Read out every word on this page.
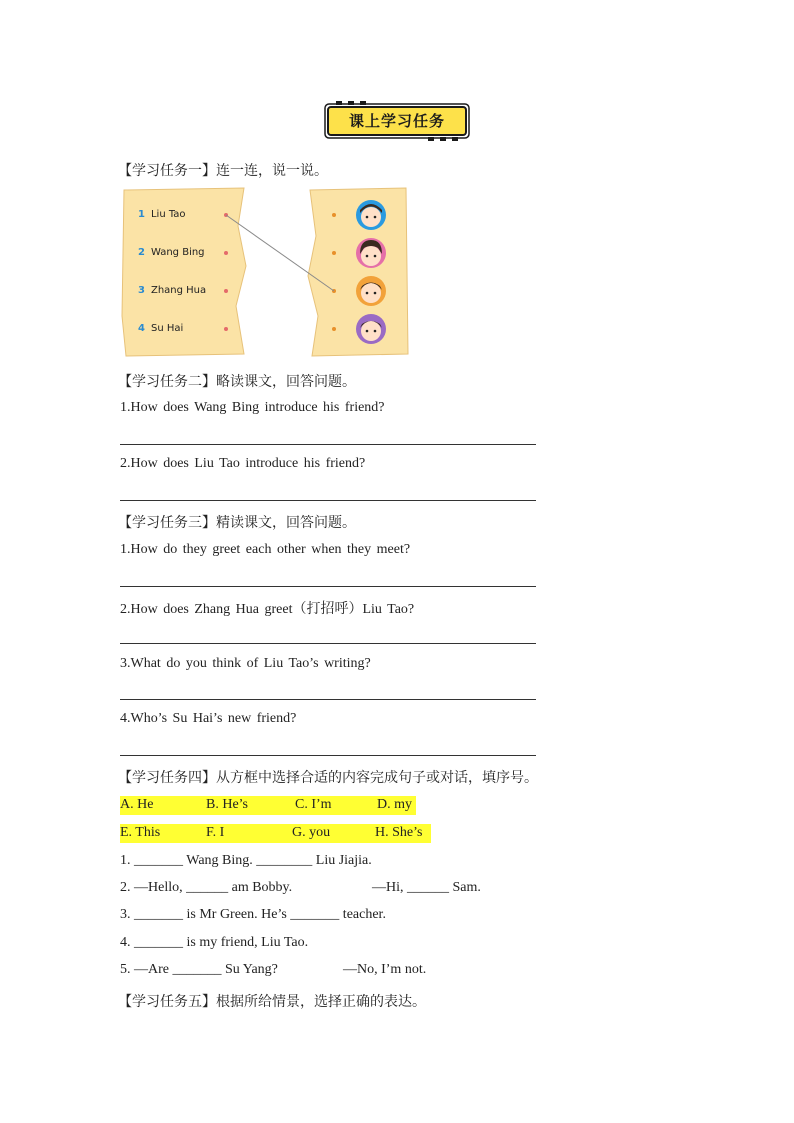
课上学习任务
【学习任务一】连一连，说一说。
1 Liu Tao
2 Wang Bing
3 Zhang Hua
4 Su Hai
【学习任务二】略读课文，回答问题。
1.How does Wang Bing introduce his friend?
2.How does Liu Tao introduce his friend?
【学习任务三】精读课文，回答问题。
1.How do they greet each other when they meet?
2.How does Zhang Hua greet（打招呼）Liu Tao?
3.What do you think of Liu Tao’s writing?
4.Who’s Su Hai’s new friend?
【学习任务四】从方框中选择合适的内容完成句子或对话，填序号。
A. He	B. He’s	C. I’m	D. my
E. This	F. I	G. you	H. She’s
1. _______ Wang Bing. ________ Liu Jiajia.
2. —Hello, ______ am Bobby.	—Hi, ______ Sam.
3. _______ is Mr Green. He’s _______ teacher.
4. _______ is my friend, Liu Tao.
5. —Are _______ Su Yang?	—No, I’m not.
【学习任务五】根据所给情景，选择正确的表达。
